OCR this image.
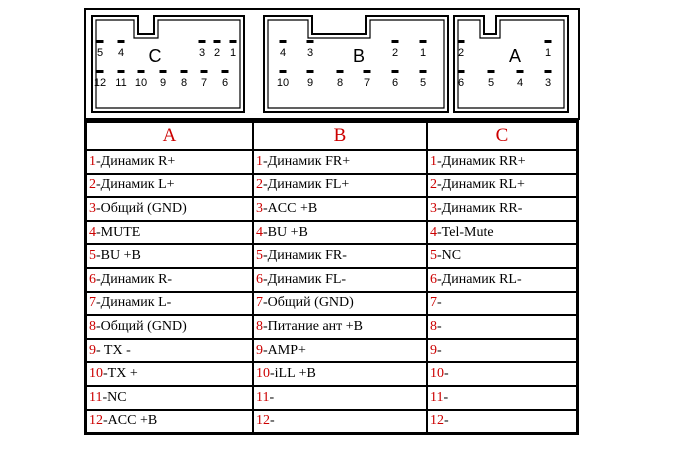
C
5 4	3 2 1
12 11 10 9 8 7 6
B
4 3	2 1
10 9 8 7 6 5
A
2	1
6 5 4 3
A	B	C
1-Динамик R+	1-Динамик FR+	1-Динамик RR+
2-Динамик L+	2-Динамик FL+	2-Динамик RL+
3-Общий (GND)	3-ACC +B	3-Динамик RR-
4-MUTE	4-BU +B	4-Tel-Mute
5-BU +B	5-Динамик FR-	5-NC
6-Динамик R-	6-Динамик FL-	6-Динамик RL-
7-Динамик L-	7-Общий (GND)	7-
8-Общий (GND)	8-Питание ант +B	8-
9- TX -	9-AMP+	9-
10-TX +	10-iLL +B	10-
11-NC	11-	11-
12-ACC +B	12-	12-
